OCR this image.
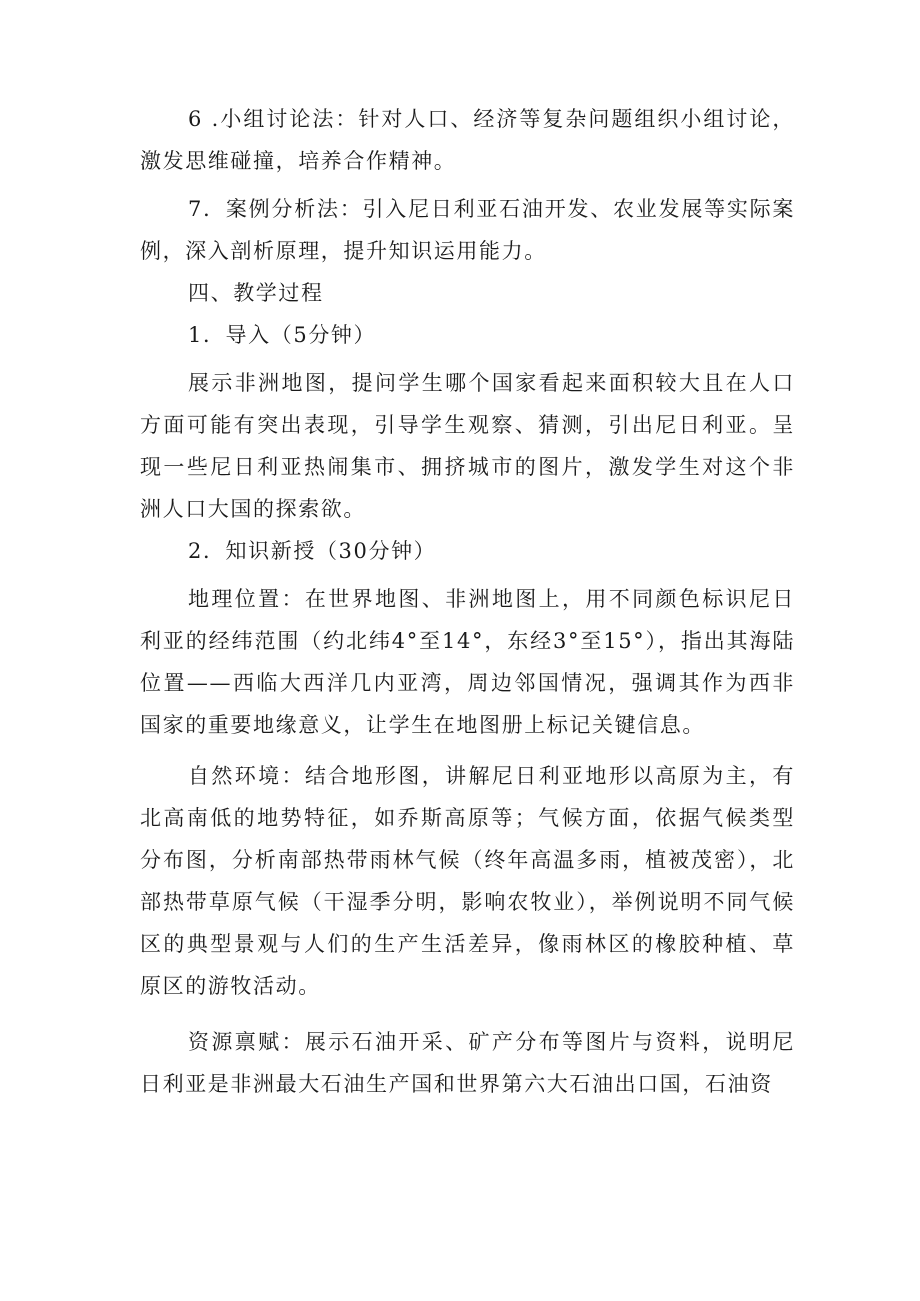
6 .小组讨论法：针对人口、经济等复杂问题组织小组讨论，激发思维碰撞，培养合作精神。

7．案例分析法：引入尼日利亚石油开发、农业发展等实际案例，深入剖析原理，提升知识运用能力。

四、教学过程

1．导入（5分钟）

展示非洲地图，提问学生哪个国家看起来面积较大且在人口方面可能有突出表现，引导学生观察、猜测，引出尼日利亚。呈现一些尼日利亚热闹集市、拥挤城市的图片，激发学生对这个非洲人口大国的探索欲。

2．知识新授（30分钟）

地理位置：在世界地图、非洲地图上，用不同颜色标识尼日利亚的经纬范围（约北纬4°至14°，东经3°至15°），指出其海陆位置——西临大西洋几内亚湾，周边邻国情况，强调其作为西非国家的重要地缘意义，让学生在地图册上标记关键信息。

自然环境：结合地形图，讲解尼日利亚地形以高原为主，有北高南低的地势特征，如乔斯高原等；气候方面，依据气候类型分布图，分析南部热带雨林气候（终年高温多雨，植被茂密），北部热带草原气候（干湿季分明，影响农牧业），举例说明不同气候区的典型景观与人们的生产生活差异，像雨林区的橡胶种植、草原区的游牧活动。

资源禀赋：展示石油开采、矿产分布等图片与资料，说明尼日利亚是非洲最大石油生产国和世界第六大石油出口国，石油资
